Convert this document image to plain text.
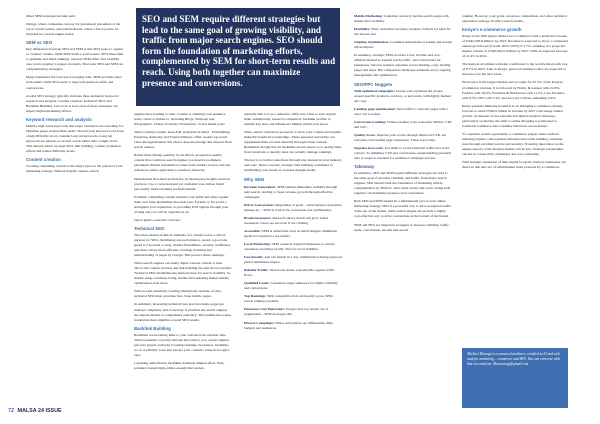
Other SEM strategies include paid

listings, where companies can pay for guaranteed placement at the top of search results, and paid inclusion, where a fee is paid to be included in a search engine index.

SEM vs SEO

Key differences between SEO and SEM is that SEO looks to organic or "natural" results, while SEM leads to paid results. SEO takes time to optimise and build rankings, whereas SEM offers fast visibility once you're paying to appear in results. That said, SEO and SEM are complementary strategies.

Many businesses find success leveraging both. SEM provides short-term results while SEO leads to long-term gains in traffic and conversions.

A solid SEO strategy typically includes three elements: Keyword research and analysis; Content creation; Technical SEO; and Backlink Building. Let's look at how each of these strategies can impact digital marketing efforts.

Keyword research and analysis

Identify high-value keywords that target customers are searching for. Optimise pages around these terms. Should your keyword word have a high difficulty level, consider long tail keywords. Long tail keywords are phrases or several words rather than a single word. This should reduce on-page SEO, link building, content promotion efforts and reduce difficulty levels.

Content creation

Creating compelling content is the major piece in the puzzle of your marketing strategy. Without helpful content, search

SEO and SEM require different strategies but lead to the same goal of growing visibility, and traffic from major search engines. SEO should form the foundation of marketing efforts, complemented by SEM for short-term results and reach. Using both together can maximize presence and conversions.

engines have nothing to rank. Content is anything your audience reads, views or listens to, including Blogs, Webpage text, Infographics, Videos, Podcasts, Newsletters, Social media posts.

When creating content, keep EAT principles in mind – Establishing Expertise, Authority and Trustworthiness. Offer readers top-notch value through material that shows deep knowledge and answers their search queries.

Rather than chasing quantity, focus efforts on superior-quality content that convinces search engines you deserve prominent placement. Return information comes from reliable sources and site references where applicable to reinforce authority.

Demonstrate first-hand proficiency by sharing key insights and best practices. Use a conversational yet confident tone. Infuse brand personality while retaining professionalism.

Polished, compelling content markets your skills and earns organic links over time. Remember that each post, Fortnite or fix you're a strengthen your reputation, so providing EAT signals through your writing and you will be regarded as an

expert guide a searcher can trust.

Technical SEO

The often-unseen technical elements of a website serve a critical purpose for SEO. Optimising site performance, speed, a good site speed is 3 seconds or less), mobile-friendliness, security certificates and more allows more efficient crawling, indexing and understanding of pages by Google. This powers better rankings.

When search engines can easily digest website content, it then allows the content creation and link building become more powerful. Technical SEO establishes the infrastructure for search visibility. So mobile usage continues rising, mobile-first indexing makes mobile optimisation even more.

With Google primarily crawling smartphone versions of sites, technical SEO must prioritise fast, clean mobile pages.

In summary, leveraging technical best practices helps pages get indexed completely and accurately. It provides the search engines the signals needed to comprehend relevancy. This behind-the-scenes foundation then amplifies overall SEO results.

Backlink Building

Backlinks are incoming links to your website from external sites. When reputable, topically relevant sites link to you, search engines perceive greater authority boosting rankings. In essence, backlinks act as credibility votes that elevate your content's value in Google's eyes.

Capturing authoritative backlinks demands diligent effort. Pure, polished content high-calibre enough that readers

naturally link to it as a reference. Offer true value to earn organic links. Additionally, research competitors' backlink profiles to identify key sites and influencers linking within your space.

Then connect with those prospects to show your content and explain mutually beneficial partnerships. These personal outreaches can supplement links accrued naturally through robust content. Remember though that all backlinks are not equal. Low quality links from irrelevant or sketchy sites can actually damage rankings.

The key is to build connections through true interest in your industry and topic. Done correctly, strategic link building contributes to establishing your brand as a trusted thought leader.

Why SEM

Revenue Generation: SEM enables immediate visibility through paid search, leading to faster revenue growth through effective campaigns.

Drives Conversions: Regardless of goals – subscriptions, newsletter signups etc – SEM is critical for conversion rate optimisation.

Brand Awareness: Research shows search ads grow brand awareness. Users see ads even if not clicking.

Accessible: SEM is achievable even on small budgets. Minimum spend not required to see results.

Local Marketing: SEM connects regional businesses to nearby customers searching locally. Vital for local visibility.

Fast Results: Ads can launch in 1 day. Optimisation during approval period maximises impact.

Reliable Traffic: Search ads ensure reproducible organic traffic flows.

Qualified Leads: Customers target audiences for higher visibility and conversions.

Top Rankings: With competitive bids and quality score, SEM boosts ranking potential.

Harnesses User Behaviour: People click top results out of pragmatism – SEM leverages this.

Diverse Campaigns: Mixes Ad formats can differentiate daily budgets and audiences.

Mobile Marketing: Capitalise on heavy mobile search usage with mobile-first visibility.

Flexibility: Fully customise locations, budgets, formats for ideal fit. Set-and-set test.

Ongoing Optimisation: Continual performance tracking and tweaks drives impact.

In summary, strategic SEM provides a fast, flexible and cost-efficient method to expand reach, traffic, and conversions for businesses. Success requires expertise across bidding, copy, landing pages and more. But competitive landscape demands savvy ongoing management and optimisation.

SEO/PPC Nuggets

Well-optimised campaigns: Create well-organised Ad groups around specific products, services, or keywords, with tightly themed Ad copy.

Landing page optimisation: Send traffic to relevant pages with a clear call to action.

Conversion tracking: Utilise tracking tools to monitor ROAS, CTR and CPC.

Quality Score: Improve your scores through improved CTR, Ad relevance and landing page experience. These boost rank.

Negative keywords: Use them to avoid irrelevant traffic that won't convert. To minimise CTR and conversions, understanding precisely who to target is essential for optimised campaign success.

Takeaway

In summary, SEO and SEM require different strategies but lead to the same goal of growing visibility, and traffic from major search engines. SEO should form the foundation of marketing efforts, complemented by SEM for short-term results and reach. Using both together can maximize presence and conversions.

Both SEO and SEM should be a fundamental part of your online marketing strategy. SEO is a powerful way to drive evergreen traffic at the top of the funnel, while search engine ads provide a highly cost-effective way to drive conversions at the bottom of the funnel.

SEM and SEO are important strategies to increase visibility, traffic, leads, conversions, income and search

ranking. However, your goals, resources, competition, and other technical experience strategy all affect search results.

Kenya's e-commerce growth

Kenya is the fifth largest market for e-commerce with a predicted revenue of US$2,200.8 million by 2025. Revenue is expected to show a compound annual growth rate (CAGR 2023–2025) of 3.7%, resulting in a projected market volume of US$2,602.6 million by 2027. With an expected increase of 21.4% in 2021.

The Kenyan eCommerce market contributed to the worldwide growth rate of 8.7% in 2023. Like in Kenya, global eCommerce sales are expected to increase over the next years.

Electronics is the largest market and accounts for 25.3% of the Kenyan eCommerce revenue. It is followed by Hobby & Leisure with 22.8%, Fashion with 18.4%, Furniture & Homeware with 11.2%, Care Products with 8.3%, DIY with 7.4%, and Grocery with the remaining 6.6%.

Kenya presents immense potential as an emerging e-commerce market, forecast to reach US$2.9 billion in revenue by 2027 with steady annual growth. As internet access expands and digital adoption increases, particularly on mobile, the shift to online shopping is positioned to transform commerce and consumer behaviour across Kenya.

To capitalise on this opportunity, e-commerce players must confront enduring logistics and payment infrastructure while building consumer trust through excellent service and security. Fostering innovation on the unique aspects of the Kenyan market will be key. Strategic partnerships can aid in connectivity challenges and cost constraints.

With strategic expansion of their digital footprint, Kenyan businesses can thrive in this new era of omnichannel retail powered by e-commerce.

Michael Mwangi is a seasoned marketer, certified in AI and web analytic marketing – commerce and SEO. You can converse with him via email on: Mwmwangi@gmail.com
72 MALSA 24 ISSUE
